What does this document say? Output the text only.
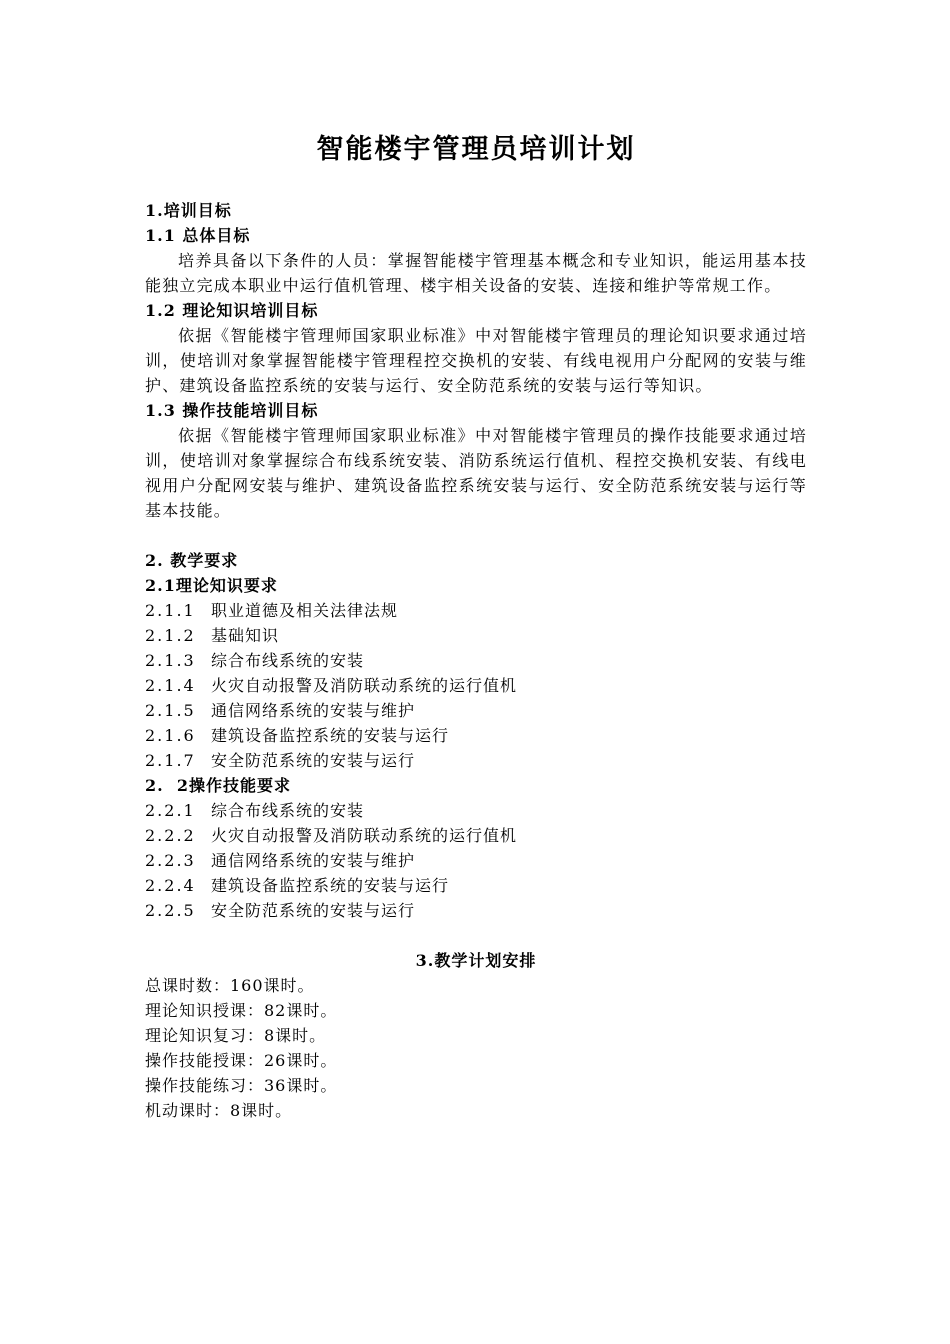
智能楼宇管理员培训计划
1.培训目标
1.1 总体目标

培养具备以下条件的人员：掌握智能楼宇管理基本概念和专业知识，能运用基本技能独立完成本职业中运行值机管理、楼宇相关设备的安装、连接和维护等常规工作。

1.2 理论知识培训目标

依据《智能楼宇管理师国家职业标准》中对智能楼宇管理员的理论知识要求通过培训，使培训对象掌握智能楼宇管理程控交换机的安装、有线电视用户分配网的安装与维护、建筑设备监控系统的安装与运行、安全防范系统的安装与运行等知识。

1.3 操作技能培训目标

依据《智能楼宇管理师国家职业标准》中对智能楼宇管理员的操作技能要求通过培训，使培训对象掌握综合布线系统安装、消防系统运行值机、程控交换机安装、有线电视用户分配网安装与维护、建筑设备监控系统安装与运行、安全防范系统安装与运行等基本技能。

2. 教学要求
2.1理论知识要求
2.1.1 职业道德及相关法律法规
2.1.2 基础知识
2.1.3 综合布线系统的安装
2.1.4 火灾自动报警及消防联动系统的运行值机
2.1.5 通信网络系统的安装与维护
2.1.6 建筑设备监控系统的安装与运行
2.1.7 安全防范系统的安装与运行
2.  2操作技能要求
2.2.1 综合布线系统的安装
2.2.2 火灾自动报警及消防联动系统的运行值机
2.2.3 通信网络系统的安装与维护
2.2.4 建筑设备监控系统的安装与运行
2.2.5 安全防范系统的安装与运行
3.教学计划安排
总课时数：160课时。
理论知识授课：82课时。
理论知识复习：8课时。
操作技能授课：26课时。
操作技能练习：36课时。
机动课时：8课时。
